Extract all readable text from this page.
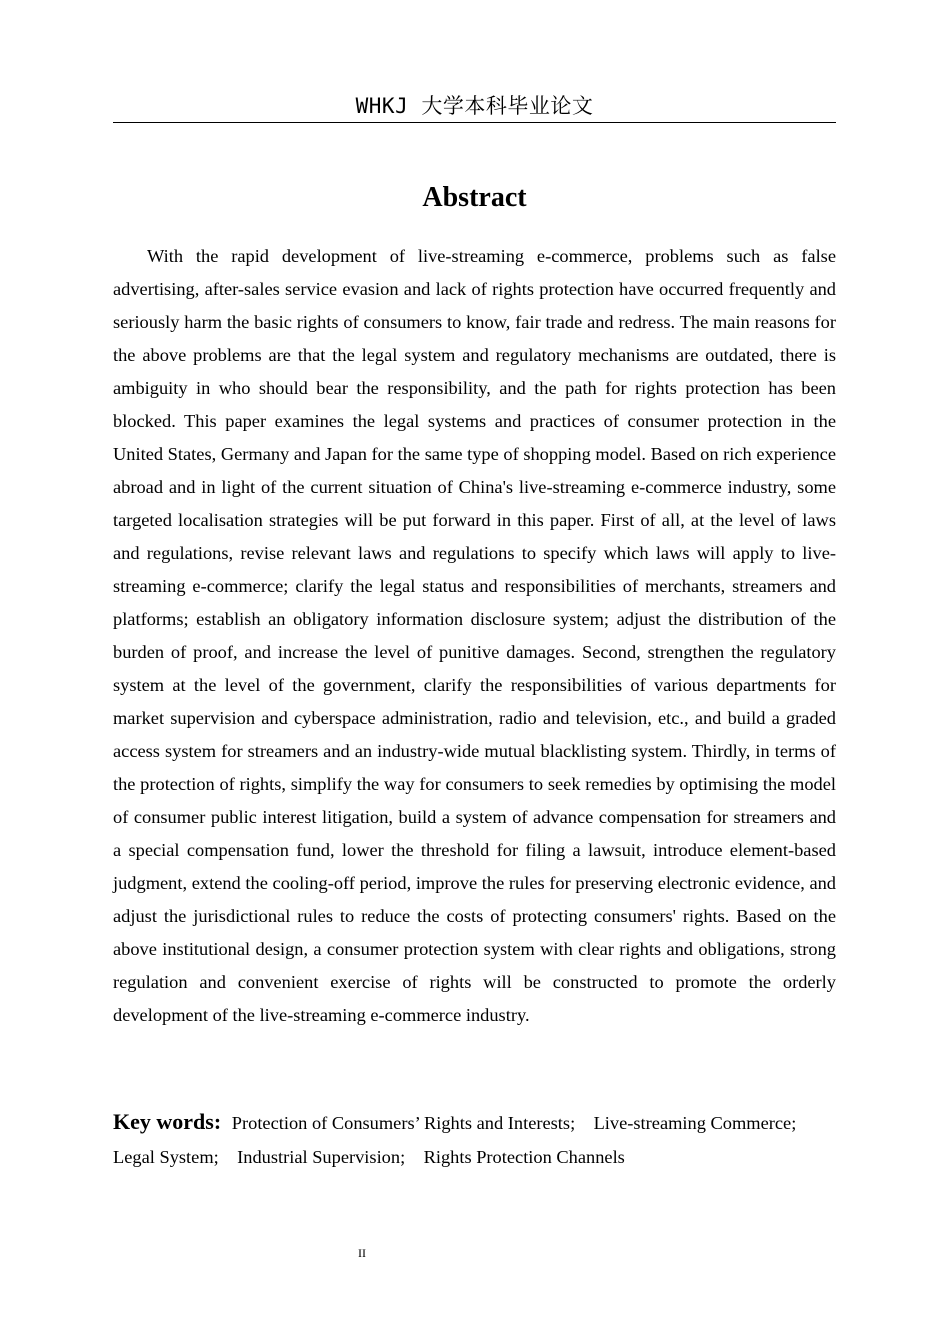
WHKJ 大学本科毕业论文
Abstract

With the rapid development of live-streaming e-commerce, problems such as false advertising, after-sales service evasion and lack of rights protection have occurred frequently and seriously harm the basic rights of consumers to know, fair trade and redress. The main reasons for the above problems are that the legal system and regulatory mechanisms are outdated, there is ambiguity in who should bear the responsibility, and the path for rights protection has been blocked. This paper examines the legal systems and practices of consumer protection in the United States, Germany and Japan for the same type of shopping model. Based on rich experience abroad and in light of the current situation of China's live-streaming e-commerce industry, some targeted localisation strategies will be put forward in this paper. First of all, at the level of laws and regulations, revise relevant laws and regulations to specify which laws will apply to live-streaming e-commerce; clarify the legal status and responsibilities of merchants, streamers and platforms; establish an obligatory information disclosure system; adjust the distribution of the burden of proof, and increase the level of punitive damages. Second, strengthen the regulatory system at the level of the government, clarify the responsibilities of various departments for market supervision and cyberspace administration, radio and television, etc., and build a graded access system for streamers and an industry-wide mutual blacklisting system. Thirdly, in terms of the protection of rights, simplify the way for consumers to seek remedies by optimising the model of consumer public interest litigation, build a system of advance compensation for streamers and a special compensation fund, lower the threshold for filing a lawsuit, introduce element-based judgment, extend the cooling-off period, improve the rules for preserving electronic evidence, and adjust the jurisdictional rules to reduce the costs of protecting consumers' rights. Based on the above institutional design, a consumer protection system with clear rights and obligations, strong regulation and convenient exercise of rights will be constructed to promote the orderly development of the live-streaming e-commerce industry.

Key words: Protection of Consumers’ Rights and Interests; Live-streaming Commerce; Legal System; Industrial Supervision; Rights Protection Channels

II
